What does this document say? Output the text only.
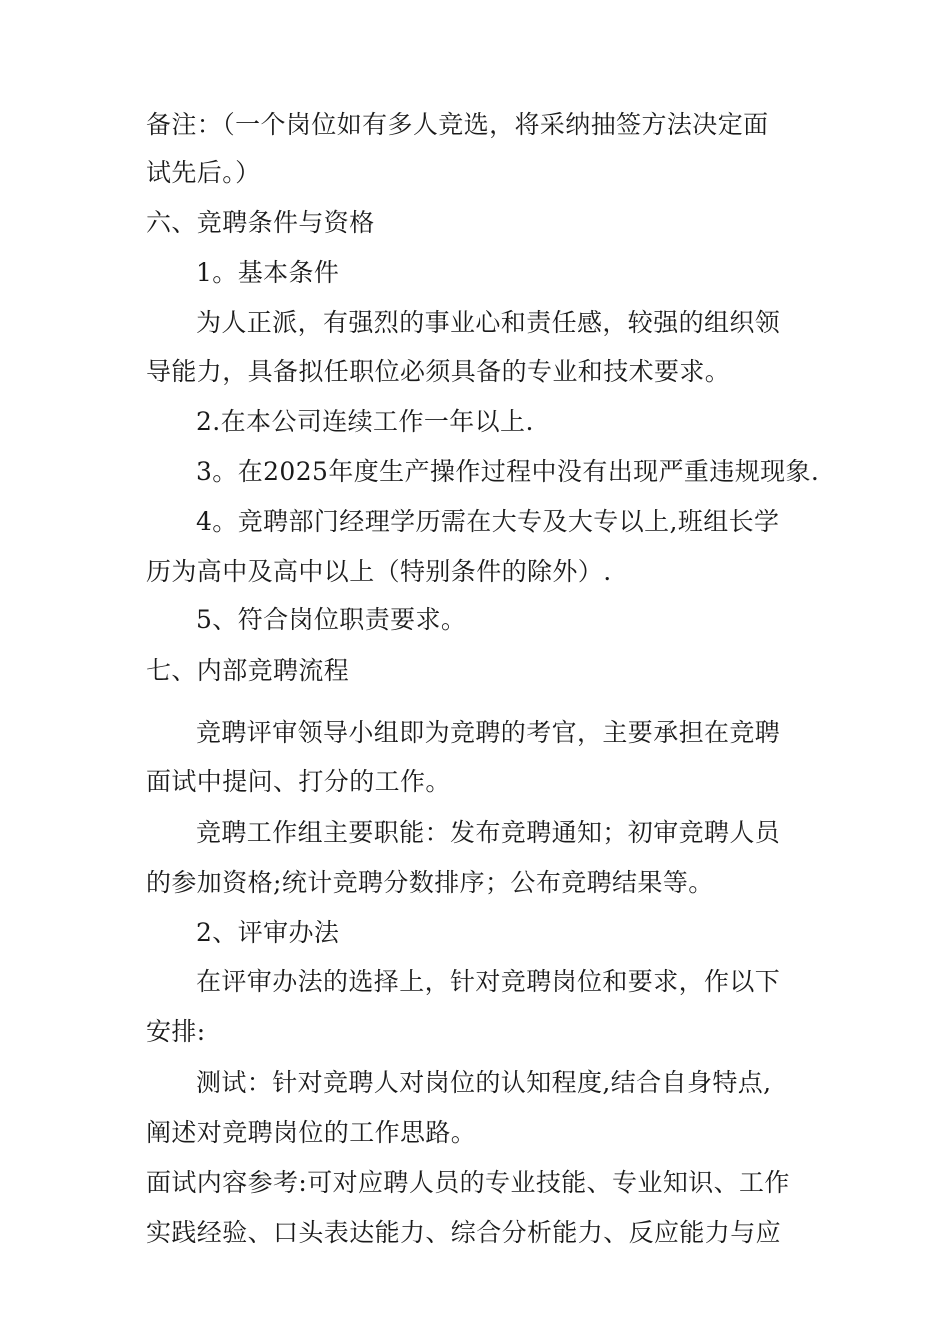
备注：（一个岗位如有多人竞选，将采纳抽签方法决定面
试先后。）
六、竞聘条件与资格
1。基本条件
为人正派，有强烈的事业心和责任感，较强的组织领
导能力，具备拟任职位必须具备的专业和技术要求。
2.在本公司连续工作一年以上.
3。在2025年度生产操作过程中没有出现严重违规现象.
4。竞聘部门经理学历需在大专及大专以上,班组长学
历为高中及高中以上（特别条件的除外）.
5、符合岗位职责要求。
七、内部竞聘流程
竞聘评审领导小组即为竞聘的考官，主要承担在竞聘
面试中提问、打分的工作。
竞聘工作组主要职能：发布竞聘通知；初审竞聘人员
的参加资格;统计竞聘分数排序；公布竞聘结果等。
2、评审办法
在评审办法的选择上，针对竞聘岗位和要求，作以下
安排:
测试：针对竞聘人对岗位的认知程度,结合自身特点,
阐述对竞聘岗位的工作思路。
面试内容参考:可对应聘人员的专业技能、专业知识、工作
实践经验、口头表达能力、综合分析能力、反应能力与应
